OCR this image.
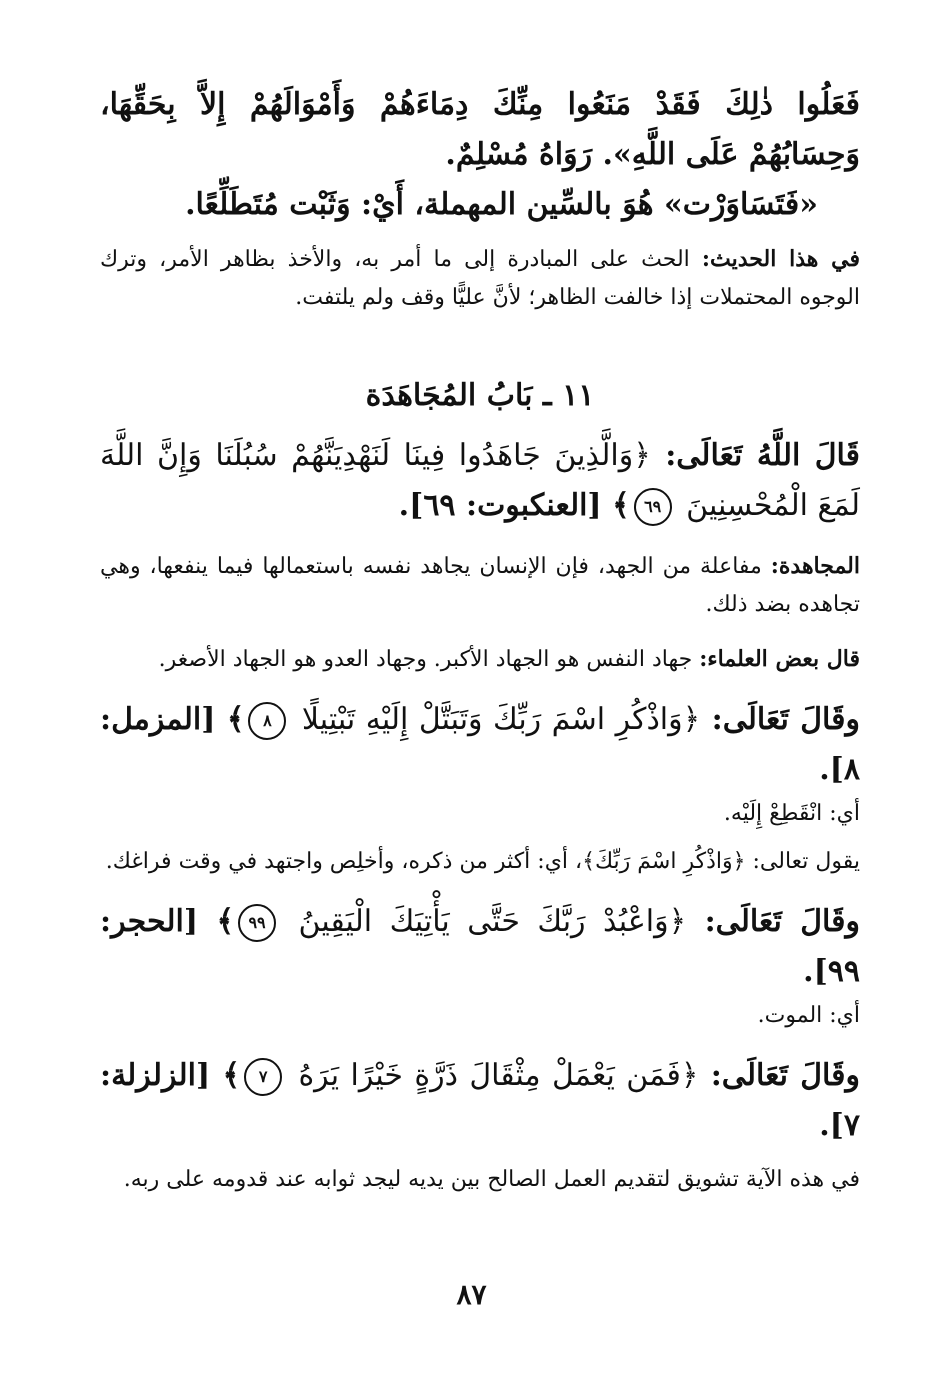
فَعَلُوا ذٰلِكَ فَقَدْ مَنَعُوا مِنِّكَ دِمَاءَهُمْ وَأَمْوَالَهُمْ إِلاَّ بِحَقِّهَا، وَحِسَابُهُمْ عَلَى اللَّهِ». رَوَاهُ مُسْلِمٌ.

«فَتَسَاوَرْت» هُوَ بالسِّين المهملة، أَيْ: وَثَبْت مُتَطَلِّعًا.

في هذا الحديث: الحث على المبادرة إلى ما أمر به، والأخذ بظاهر الأمر، وترك الوجوه المحتملات إذا خالفت الظاهر؛ لأنَّ عليًّا وقف ولم يلتفت.

١١ ـ بَابُ المُجَاهَدَة

قَالَ اللَّهُ تَعَالَى: ﴿وَالَّذِينَ جَاهَدُوا فِينَا لَنَهْدِيَنَّهُمْ سُبُلَنَا وَإِنَّ اللَّهَ لَمَعَ الْمُحْسِنِينَ ٦٩﴾ [العنكبوت: ٦٩].

المجاهدة: مفاعلة من الجهد، فإن الإنسان يجاهد نفسه باستعمالها فيما ينفعها، وهي تجاهده بضد ذلك.

قال بعض العلماء: جهاد النفس هو الجهاد الأكبر. وجهاد العدو هو الجهاد الأصغر.

وقَالَ تَعَالَى: ﴿وَاذْكُرِ اسْمَ رَبِّكَ وَتَبَتَّلْ إِلَيْهِ تَبْتِيلًا ٨﴾ [المزمل: ٨].

أي: انْقَطِعْ إِلَيْه.

يقول تعالى: ﴿وَاذْكُرِ اسْمَ رَبِّكَ﴾، أي: أكثر من ذكره، وأخلِص واجتهد في وقت فراغك.

وقَالَ تَعَالَى: ﴿وَاعْبُدْ رَبَّكَ حَتَّى يَأْتِيَكَ الْيَقِينُ ٩٩﴾ [الحجر: ٩٩].

أي: الموت.

وقَالَ تَعَالَى: ﴿فَمَن يَعْمَلْ مِثْقَالَ ذَرَّةٍ خَيْرًا يَرَهُ ٧﴾ [الزلزلة: ٧].

في هذه الآية تشويق لتقديم العمل الصالح بين يديه ليجد ثوابه عند قدومه على ربه.

٨٧
